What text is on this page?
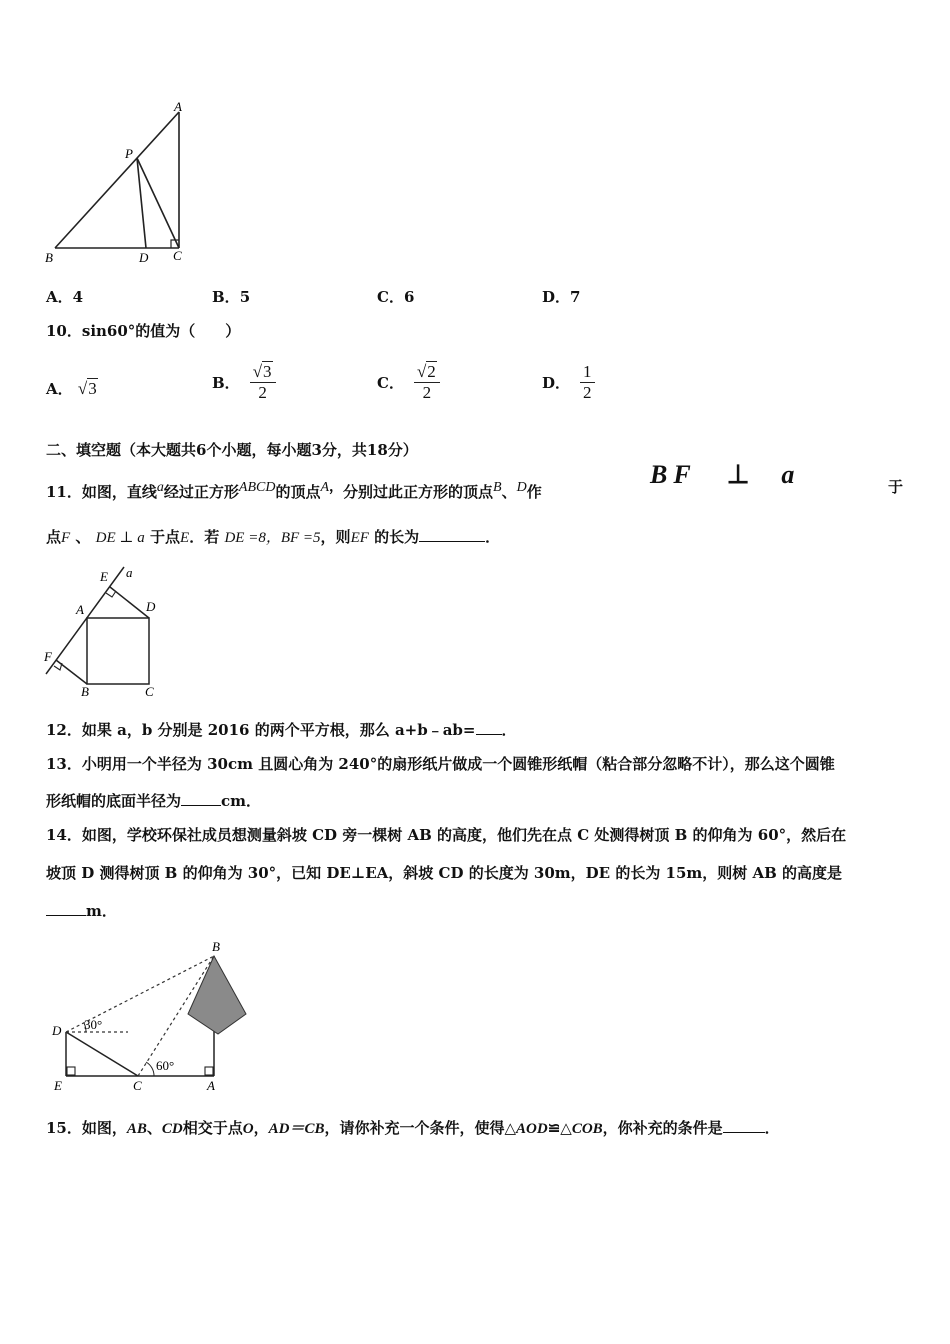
A
P
B	D C
A．4	B．5	C．6	D．7
10．sin60°的值为（　　）
A． √3	B． $\frac{√3}{2}$	C． $\frac{√2}{2}$	D． $\frac{1}{2}$
二、填空题（本大题共6个小题，每小题3分，共18分）
11．如图，直线$^a$经过正方形$^{ABCD}$的顶点$^{A,}$分别过此正方形的顶点$^B$、$^D$作
BF ⊥ a	于
点F 、 DE ⊥ a 于点E．若 DE =8，BF =5，则EF 的长为	．
E a
A	D
F
B	C
12．如果 a，b 分别是 2016 的两个平方根，那么 a+b﹣ab= ．
13．小明用一个半径为 30cm 且圆心角为 240°的扇形纸片做成一个圆锥形纸帽（粘合部分忽略不计），那么这个圆锥
形纸帽的底面半径为	cm．
14．如图，学校环保社成员想测量斜坡 CD 旁一棵树 AB 的高度，他们先在点 C 处测得树顶 B 的仰角为 60°，然后在
坡顶 D 测得树顶 B 的仰角为 30°，已知 DE⊥EA，斜坡 CD 的长度为 30m，DE 的长为 15m，则树 AB 的高度是
m．
B
D 30°
E	C
60°
A
15．如图，AB、CD相交于点O，AD＝CB，请你补充一个条件，使得△AOD≌△COB，你补充的条件是	．
